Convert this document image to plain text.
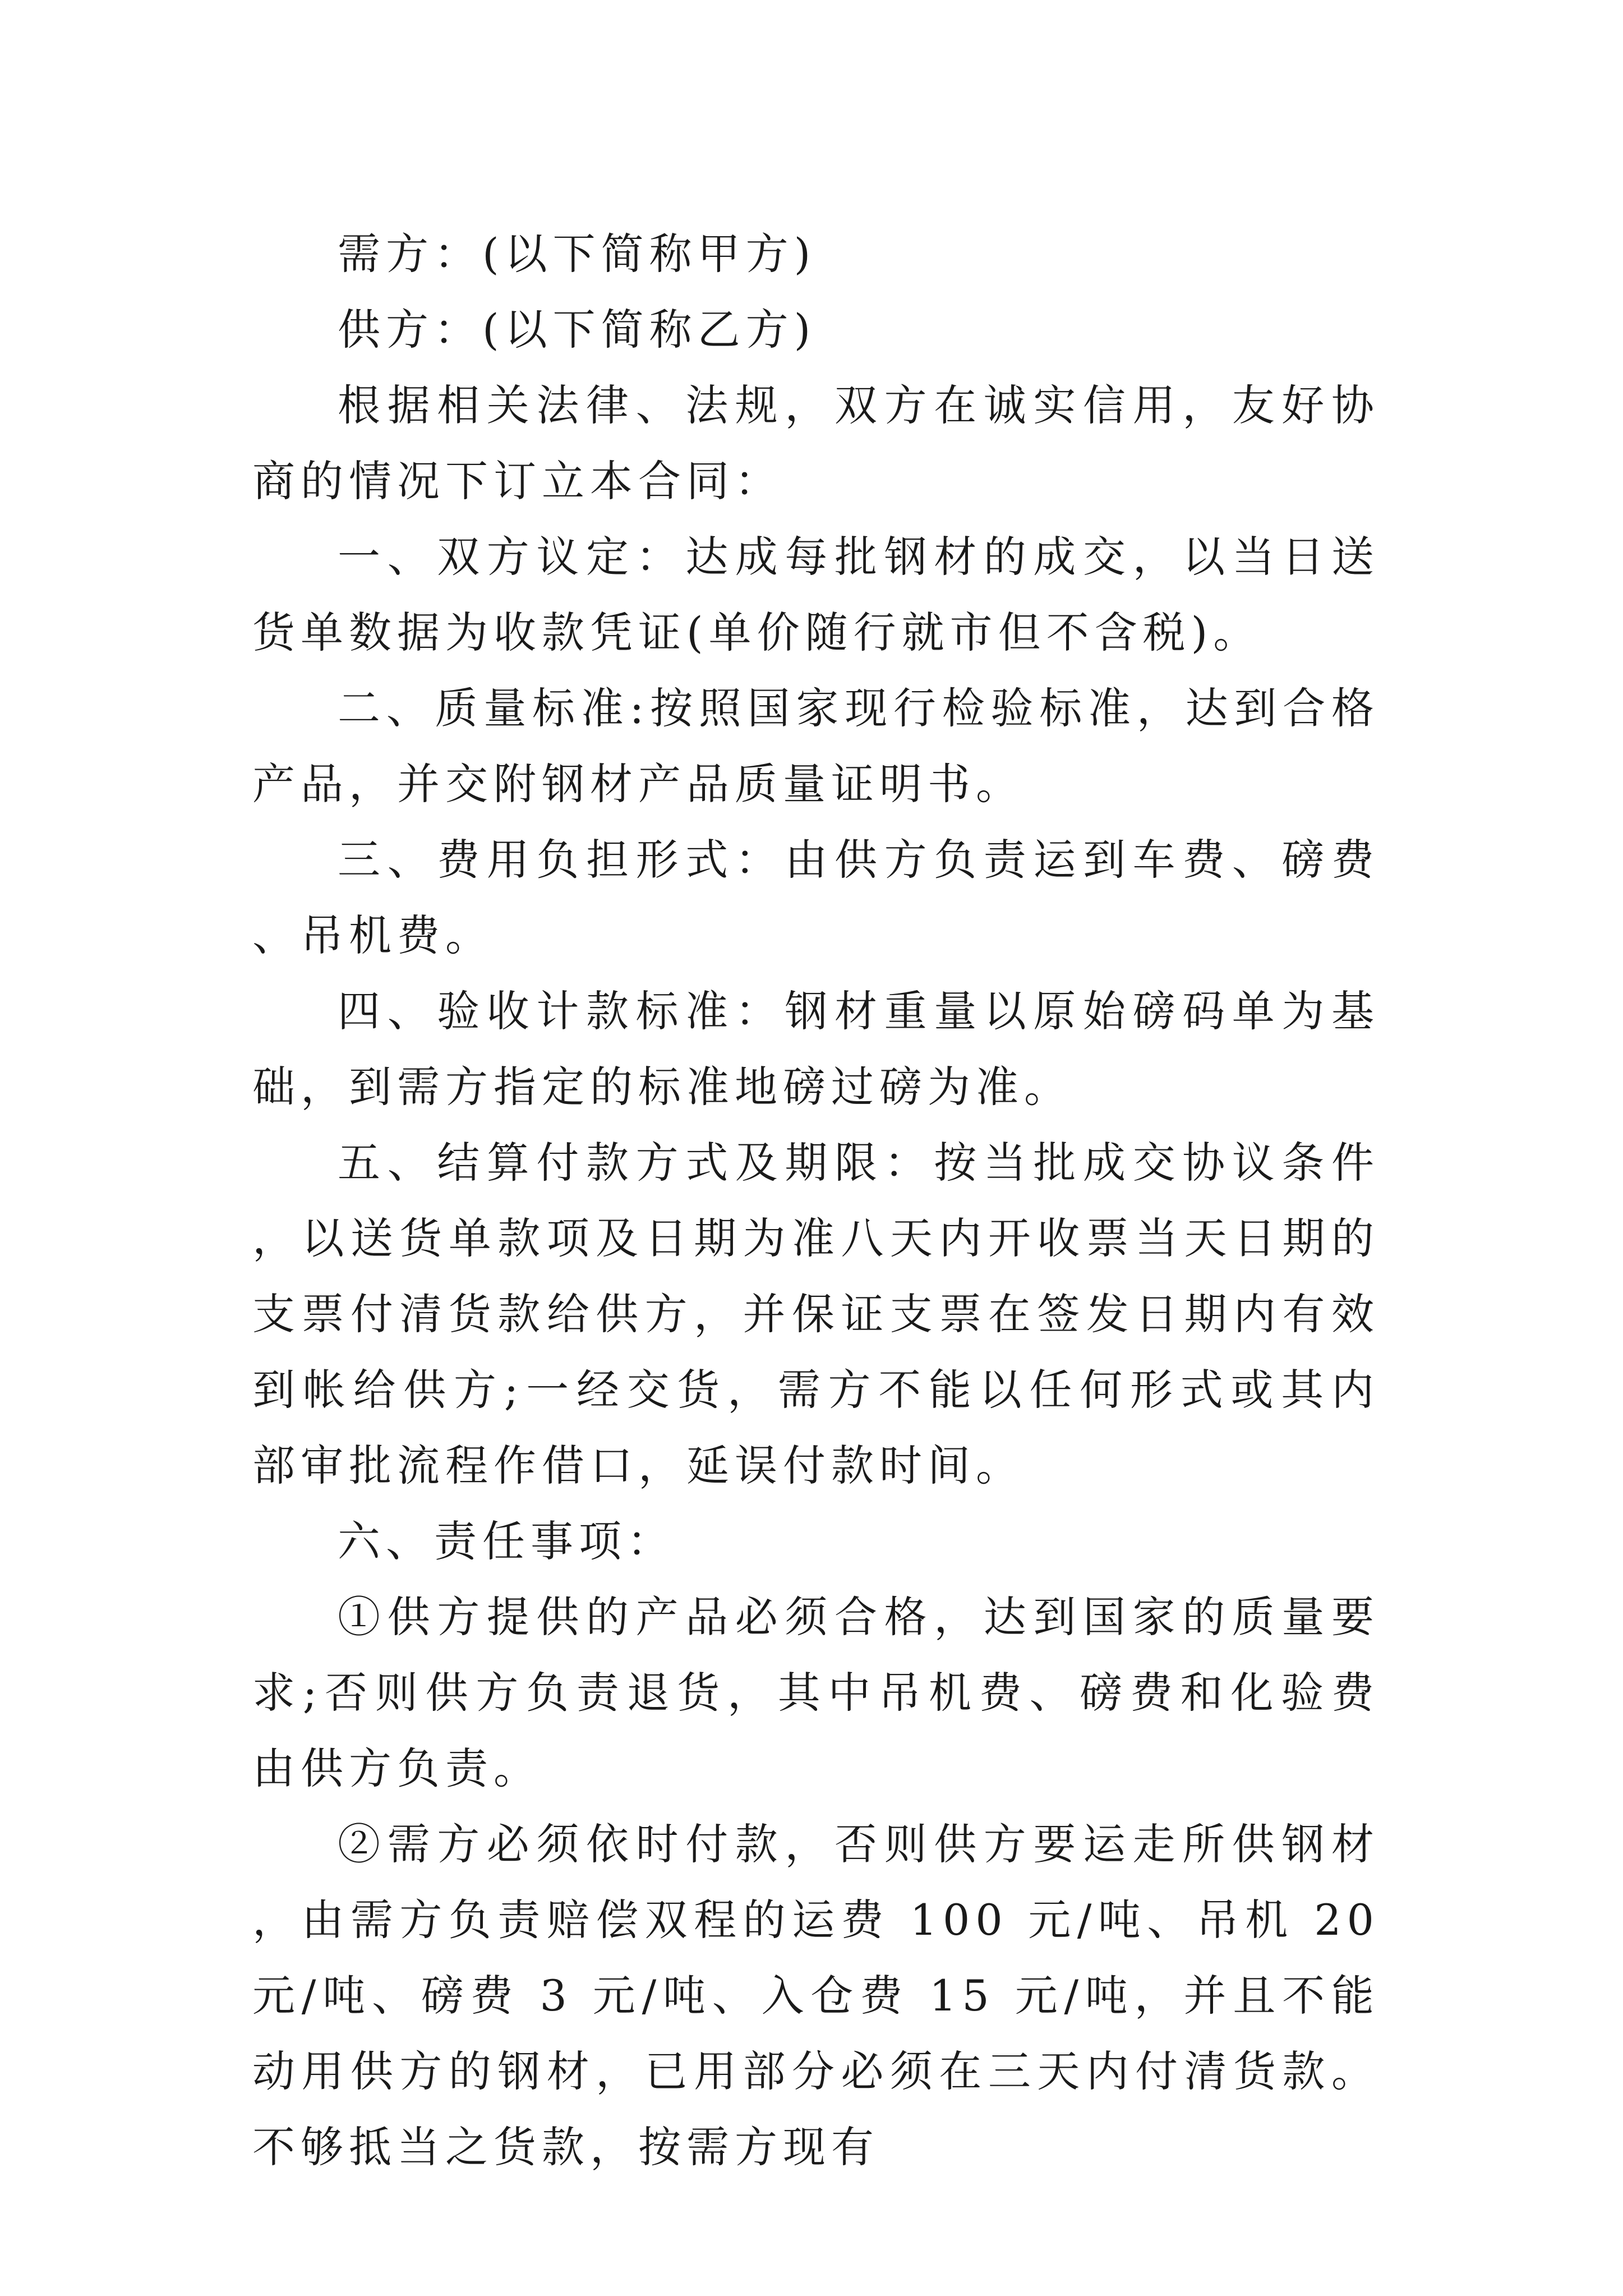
需方：(以下简称甲方)

供方：(以下简称乙方)

根据相关法律、法规，双方在诚实信用，友好协商的情况下订立本合同：

一、双方议定：达成每批钢材的成交，以当日送货单数据为收款凭证(单价随行就市但不含税)。

二、质量标准:按照国家现行检验标准，达到合格产品，并交附钢材产品质量证明书。

三、费用负担形式：由供方负责运到车费、磅费、吊机费。

四、验收计款标准：钢材重量以原始磅码单为基础，到需方指定的标准地磅过磅为准。

五、结算付款方式及期限：按当批成交协议条件，以送货单款项及日期为准八天内开收票当天日期的支票付清货款给供方，并保证支票在签发日期内有效到帐给供方;一经交货，需方不能以任何形式或其内部审批流程作借口，延误付款时间。

六、责任事项：

①供方提供的产品必须合格，达到国家的质量要求;否则供方负责退货，其中吊机费、磅费和化验费由供方负责。

②需方必须依时付款，否则供方要运走所供钢材，由需方负责赔偿双程的运费 100 元/吨、吊机 20 元/吨、磅费 3 元/吨、入仓费 15 元/吨，并且不能动用供方的钢材，已用部分必须在三天内付清货款。不够抵当之货款，按需方现有
